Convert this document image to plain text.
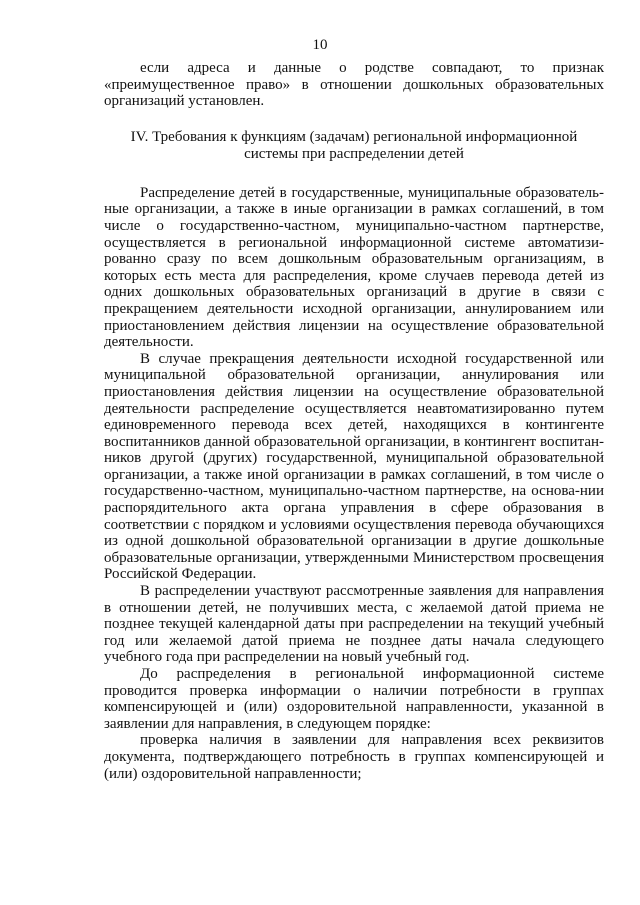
10

если адреса и данные о родстве совпадают, то признак «преимущественное право» в отношении дошкольных образовательных организаций установлен.

IV. Требования к функциям (задачам) региональной информационной
системы при распределении детей

Распределение детей в государственные, муниципальные образователь-ные организации, а также в иные организации в рамках соглашений, в том числе о государственно-частном, муниципально-частном партнерстве, осуществляется в региональной информационной системе автоматизи-рованно сразу по всем дошкольным образовательным организациям, в которых есть места для распределения, кроме случаев перевода детей из одних дошкольных образовательных организаций в другие в связи с прекращением деятельности исходной организации, аннулированием или приостановлением действия лицензии на осуществление образовательной деятельности.

В случае прекращения деятельности исходной государственной или муниципальной образовательной организации, аннулирования или приостановления действия лицензии на осуществление образовательной деятельности распределение осуществляется неавтоматизированно путем единовременного перевода всех детей, находящихся в контингенте воспитанников данной образовательной организации, в контингент воспитан-ников другой (других) государственной, муниципальной образовательной организации, а также иной организации в рамках соглашений, в том числе о государственно-частном, муниципально-частном партнерстве, на основа-нии распорядительного акта органа управления в сфере образования в соответствии с порядком и условиями осуществления перевода обучающихся из одной дошкольной образовательной организации в другие дошкольные образовательные организации, утвержденными Министерством просвещения Российской Федерации.

В распределении участвуют рассмотренные заявления для направления в отношении детей, не получивших места, с желаемой датой приема не позднее текущей календарной даты при распределении на текущий учебный год или желаемой датой приема не позднее даты начала следующего учебного года при распределении на новый учебный год.

До распределения в региональной информационной системе проводится проверка информации о наличии потребности в группах компенсирующей и (или) оздоровительной направленности, указанной в заявлении для направления, в следующем порядке:

проверка наличия в заявлении для направления всех реквизитов документа, подтверждающего потребность в группах компенсирующей и (или) оздоровительной направленности;
